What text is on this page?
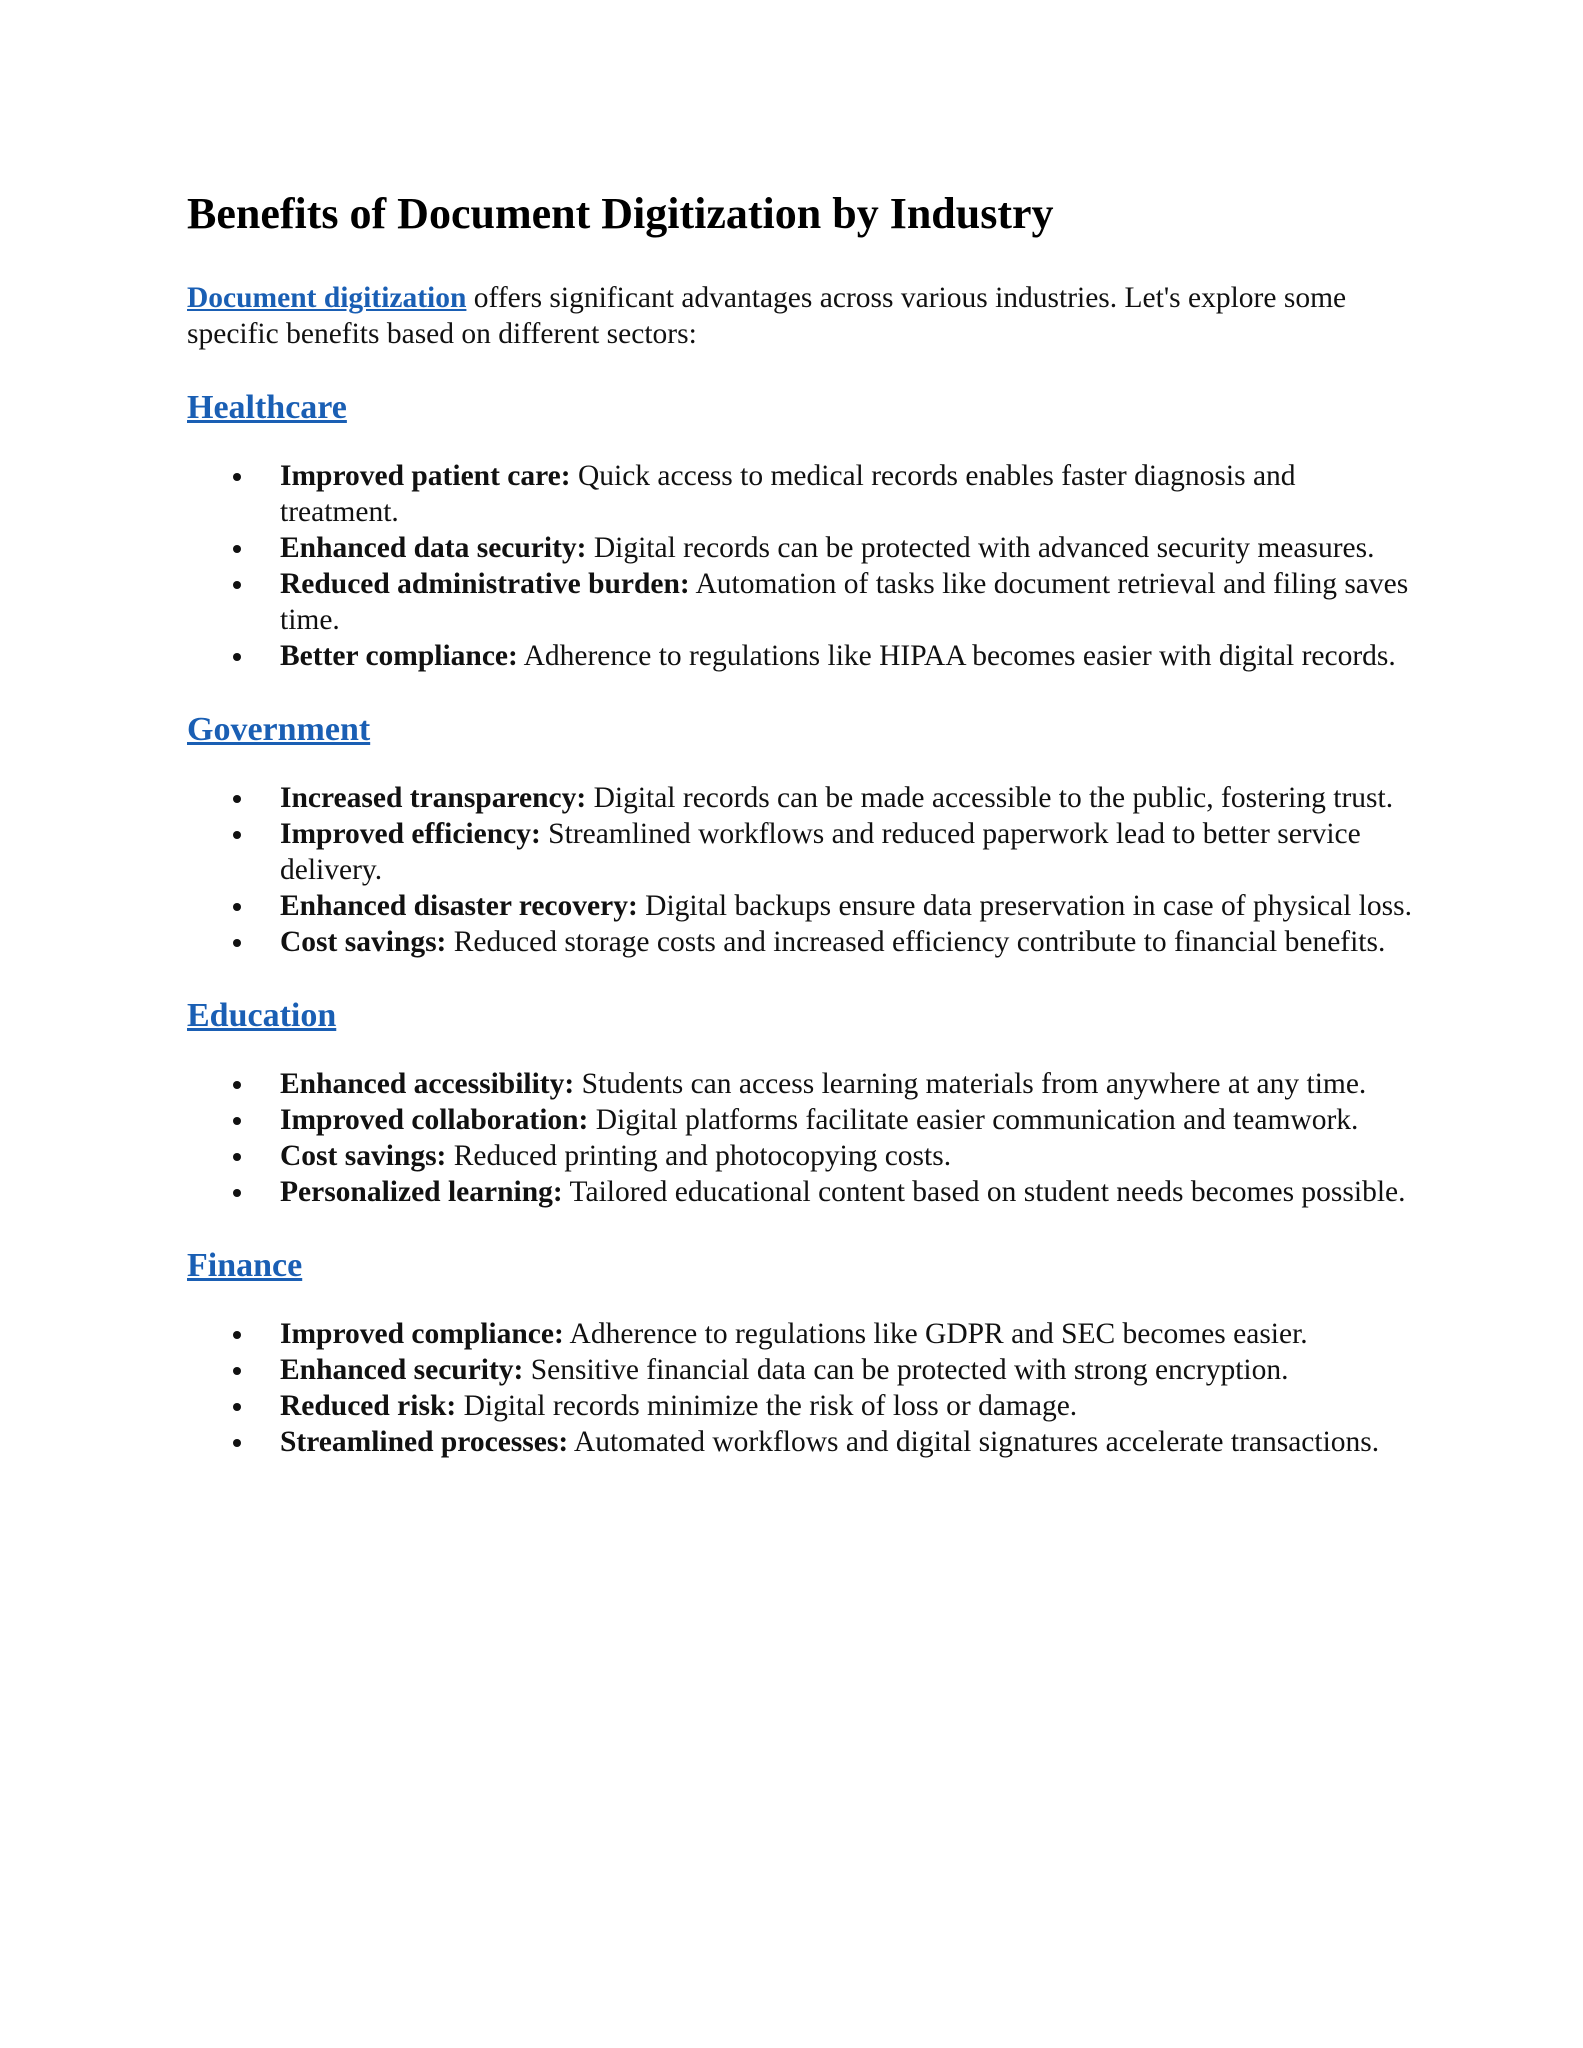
Benefits of Document Digitization by Industry

Document digitization offers significant advantages across various industries. Let's explore some specific benefits based on different sectors:

Healthcare
Improved patient care: Quick access to medical records enables faster diagnosis and treatment.
Enhanced data security: Digital records can be protected with advanced security measures.
Reduced administrative burden: Automation of tasks like document retrieval and filing saves time.
Better compliance: Adherence to regulations like HIPAA becomes easier with digital records.
Government
Increased transparency: Digital records can be made accessible to the public, fostering trust.
Improved efficiency: Streamlined workflows and reduced paperwork lead to better service delivery.
Enhanced disaster recovery: Digital backups ensure data preservation in case of physical loss.
Cost savings: Reduced storage costs and increased efficiency contribute to financial benefits.
Education
Enhanced accessibility: Students can access learning materials from anywhere at any time.
Improved collaboration: Digital platforms facilitate easier communication and teamwork.
Cost savings: Reduced printing and photocopying costs.
Personalized learning: Tailored educational content based on student needs becomes possible.
Finance
Improved compliance: Adherence to regulations like GDPR and SEC becomes easier.
Enhanced security: Sensitive financial data can be protected with strong encryption.
Reduced risk: Digital records minimize the risk of loss or damage.
Streamlined processes: Automated workflows and digital signatures accelerate transactions.
